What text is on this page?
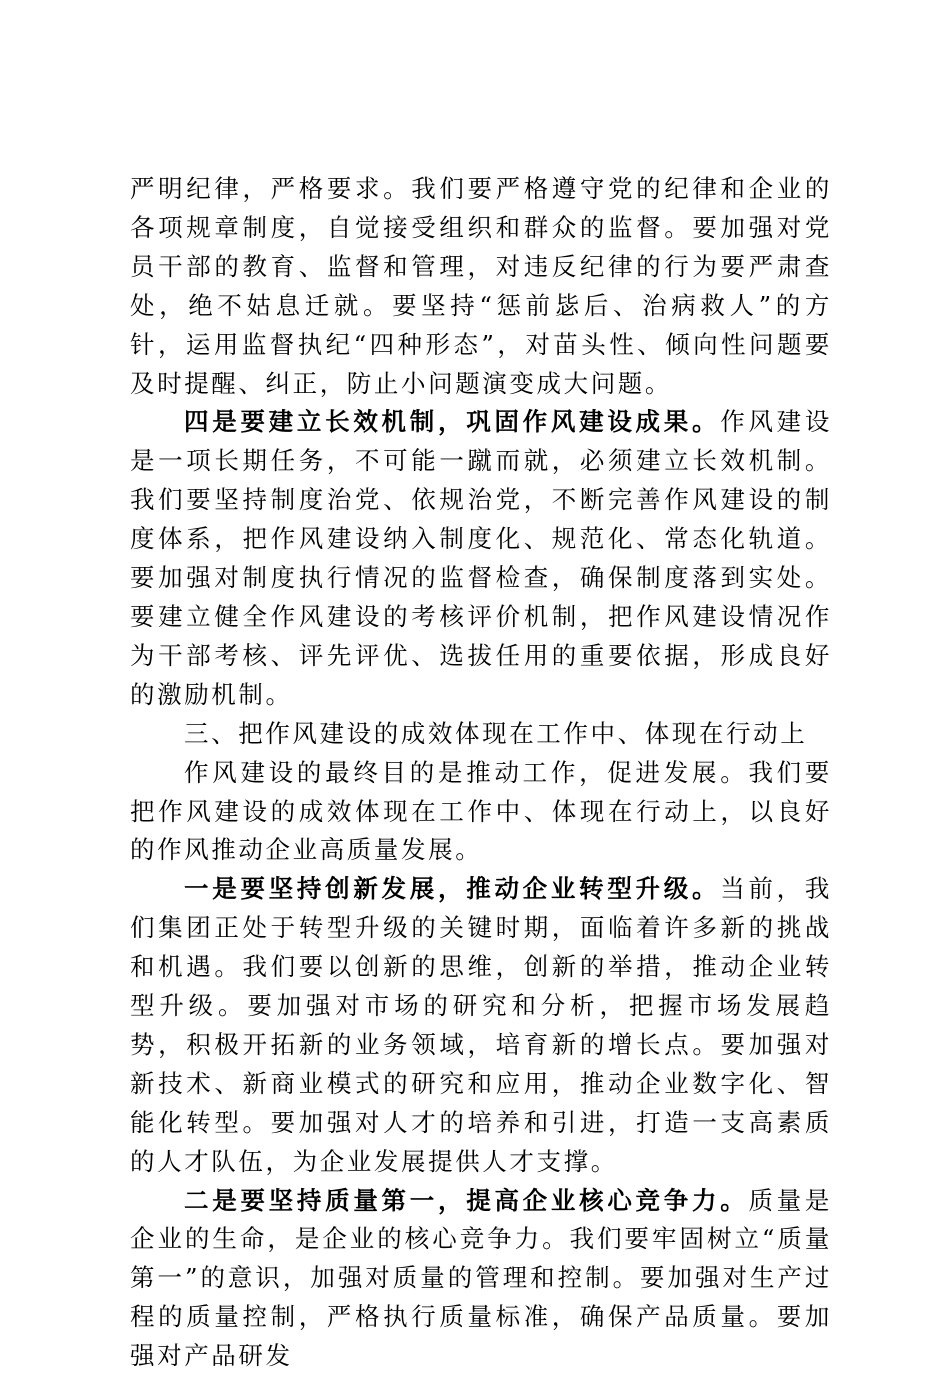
严明纪律，严格要求。我们要严格遵守党的纪律和企业的各项规章制度，自觉接受组织和群众的监督。要加强对党员干部的教育、监督和管理，对违反纪律的行为要严肃查处，绝不姑息迁就。要坚持“惩前毖后、治病救人”的方针，运用监督执纪“四种形态”，对苗头性、倾向性问题要及时提醒、纠正，防止小问题演变成大问题。

四是要建立长效机制，巩固作风建设成果。作风建设是一项长期任务，不可能一蹴而就，必须建立长效机制。我们要坚持制度治党、依规治党，不断完善作风建设的制度体系，把作风建设纳入制度化、规范化、常态化轨道。要加强对制度执行情况的监督检查，确保制度落到实处。要建立健全作风建设的考核评价机制，把作风建设情况作为干部考核、评先评优、选拔任用的重要依据，形成良好的激励机制。

三、把作风建设的成效体现在工作中、体现在行动上

作风建设的最终目的是推动工作，促进发展。我们要把作风建设的成效体现在工作中、体现在行动上，以良好的作风推动企业高质量发展。

一是要坚持创新发展，推动企业转型升级。当前，我们集团正处于转型升级的关键时期，面临着许多新的挑战和机遇。我们要以创新的思维，创新的举措，推动企业转型升级。要加强对市场的研究和分析，把握市场发展趋势，积极开拓新的业务领域，培育新的增长点。要加强对新技术、新商业模式的研究和应用，推动企业数字化、智能化转型。要加强对人才的培养和引进，打造一支高素质的人才队伍，为企业发展提供人才支撑。

二是要坚持质量第一，提高企业核心竞争力。质量是企业的生命，是企业的核心竞争力。我们要牢固树立“质量第一”的意识，加强对质量的管理和控制。要加强对生产过程的质量控制，严格执行质量标准，确保产品质量。要加强对产品研发
